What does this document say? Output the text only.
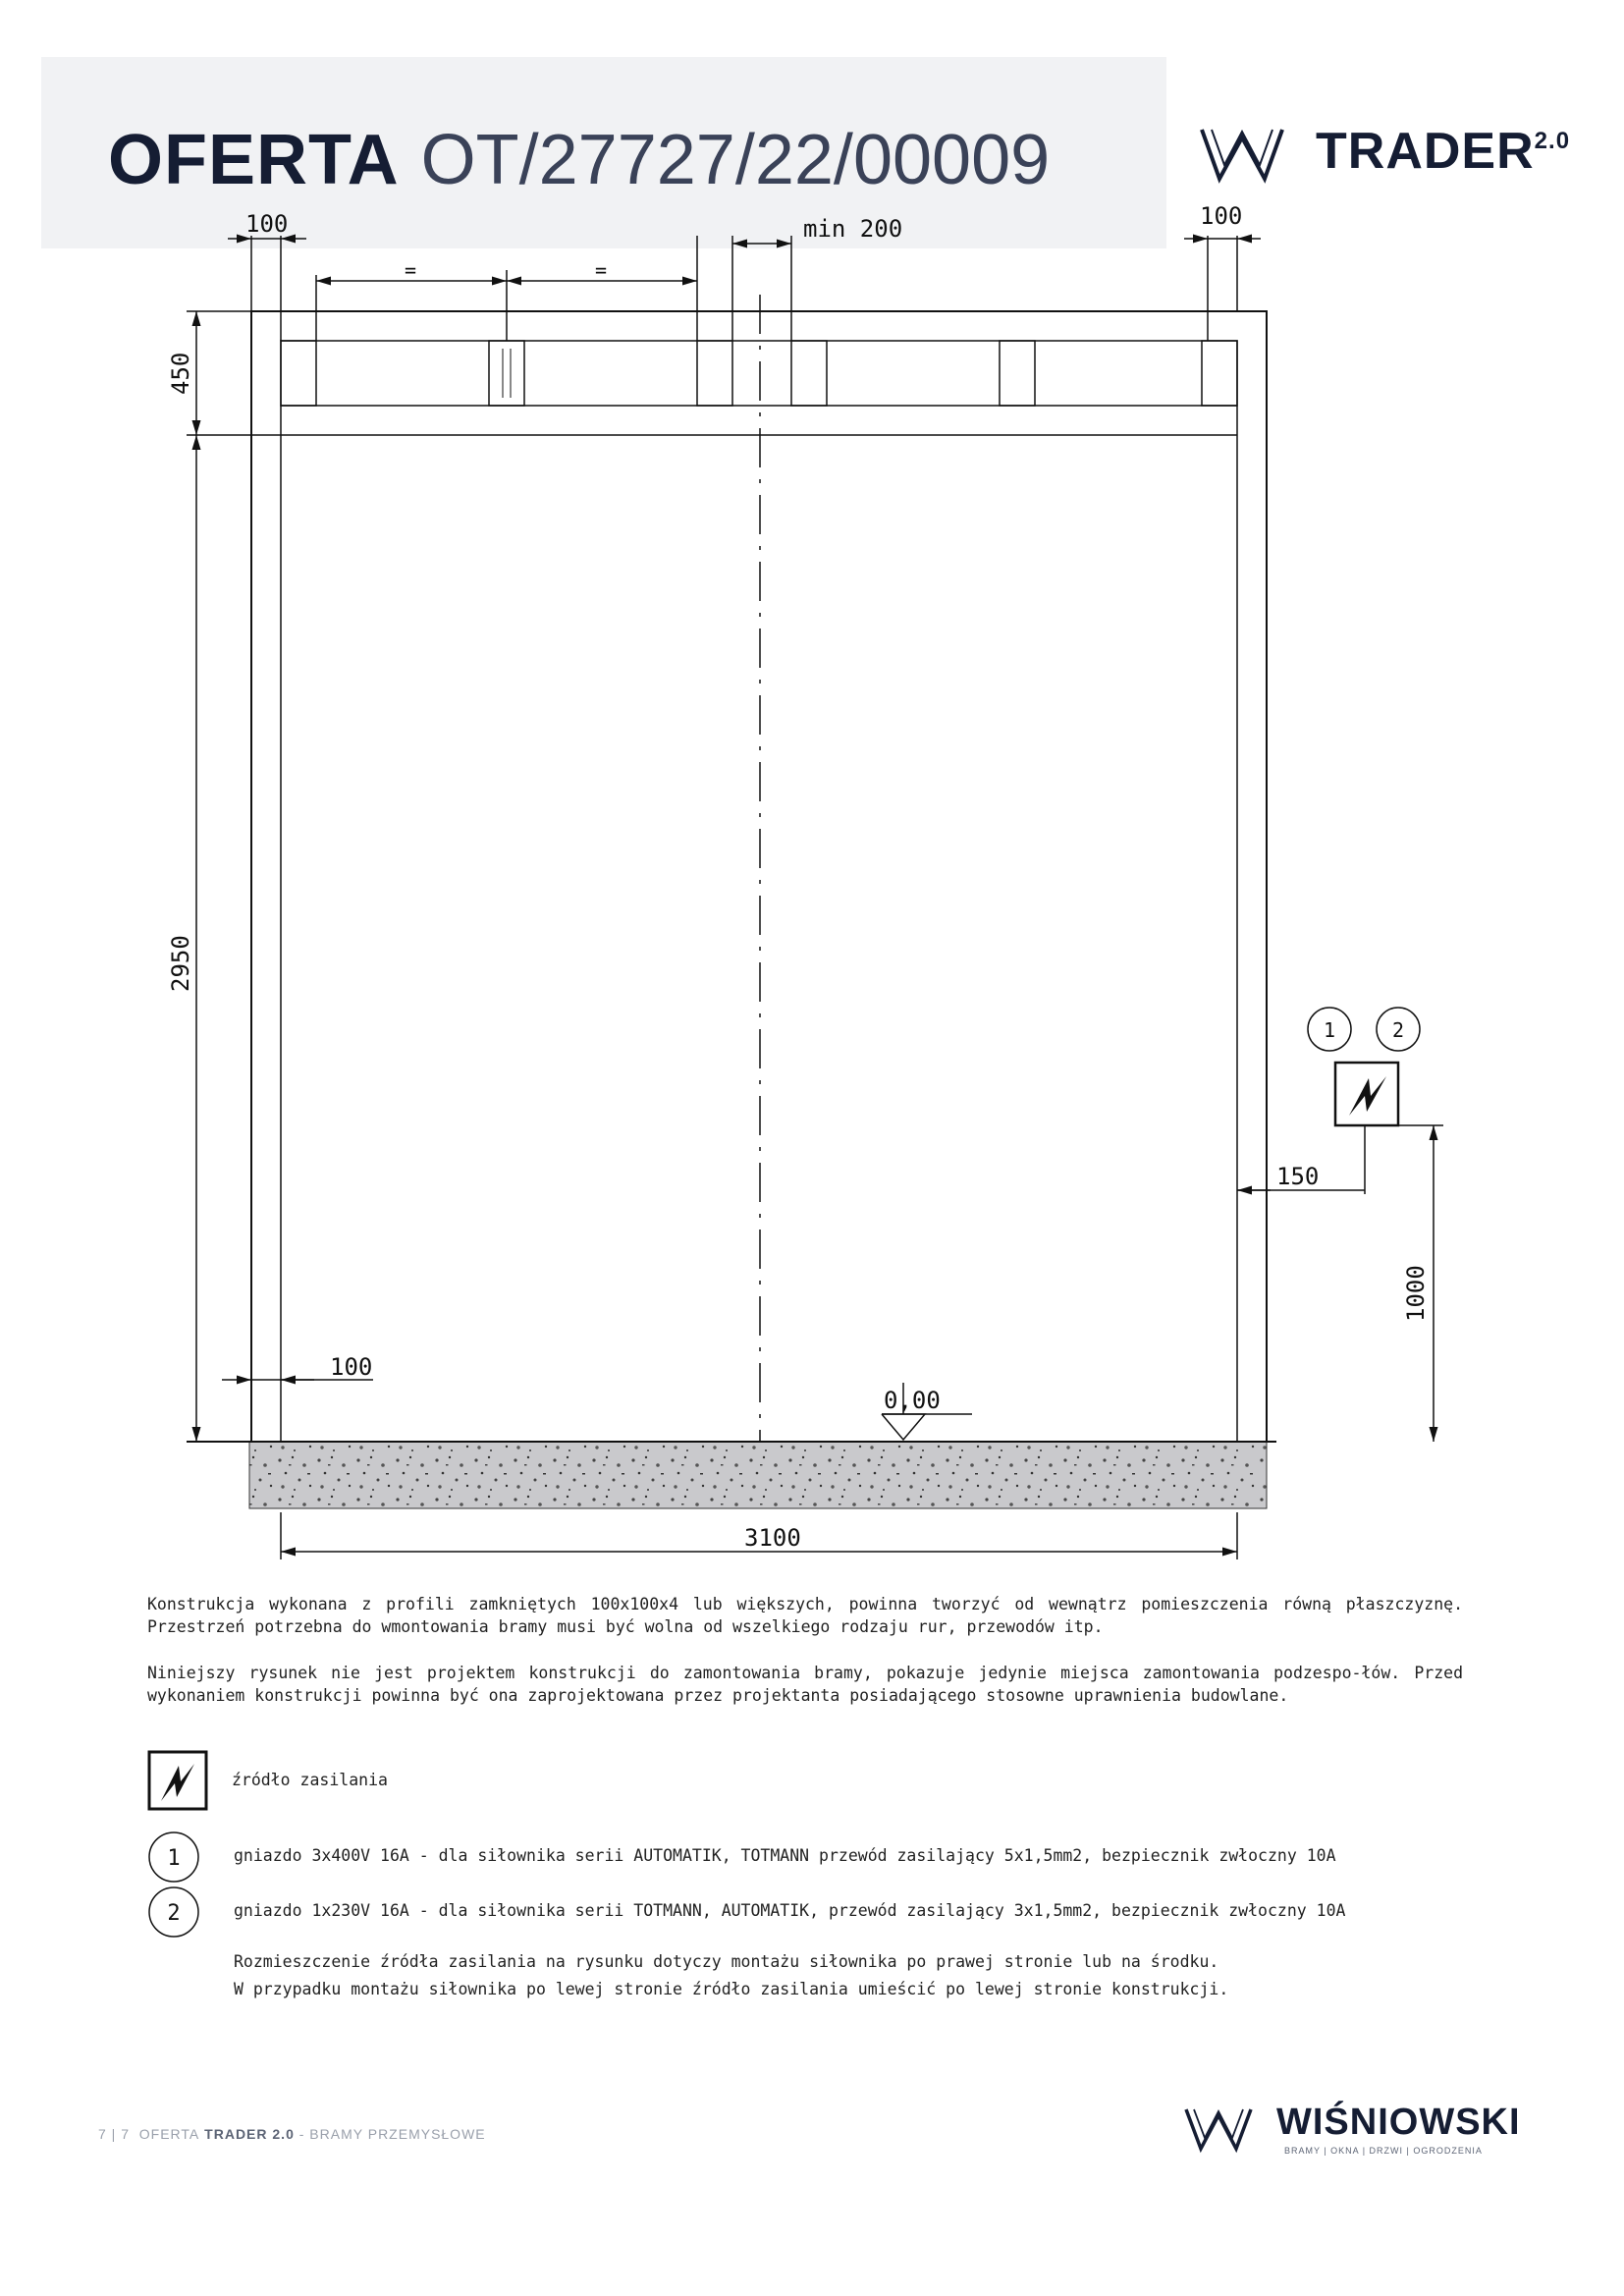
OFERTA OT/27727/22/00009	$TRADER^{2.0}$
100
=	=
min 200	100
450
2950
100
0,00
3100
1	2
150
1000

Konstrukcja wykonana z profili zamkniętych 100x100x4 lub większych, powinna tworzyć od wewnątrz pomieszczenia równą płaszczyznę. Przestrzeń potrzebna do wmontowania bramy musi być wolna od wszelkiego rodzaju rur, przewodów itp.

Niniejszy rysunek nie jest projektem konstrukcji do zamontowania bramy, pokazuje jedynie miejsca zamontowania podzespo-łów. Przed wykonaniem konstrukcji powinna być ona zaprojektowana przez projektanta posiadającego stosowne uprawnienia budowlane.

źródło zasilania
1	gniazdo 3x400V 16A - dla siłownika serii AUTOMATIK, TOTMANN przewód zasilający 5x1,5mm2, bezpiecznik zwłoczny 10A
2	gniazdo 1x230V 16A - dla siłownika serii TOTMANN, AUTOMATIK, przewód zasilający 3x1,5mm2, bezpiecznik zwłoczny 10A
Rozmieszczenie źródła zasilania na rysunku dotyczy montażu siłownika po prawej stronie lub na środku.
W przypadku montażu siłownika po lewej stronie źródło zasilania umieścić po lewej stronie konstrukcji.
7 | 7 OFERTA TRADER 2.0 - BRAMY PRZEMYSŁOWE	WIŚNIOWSKI
BRAMY | OKNA | DRZWI | OGRODZENIA
